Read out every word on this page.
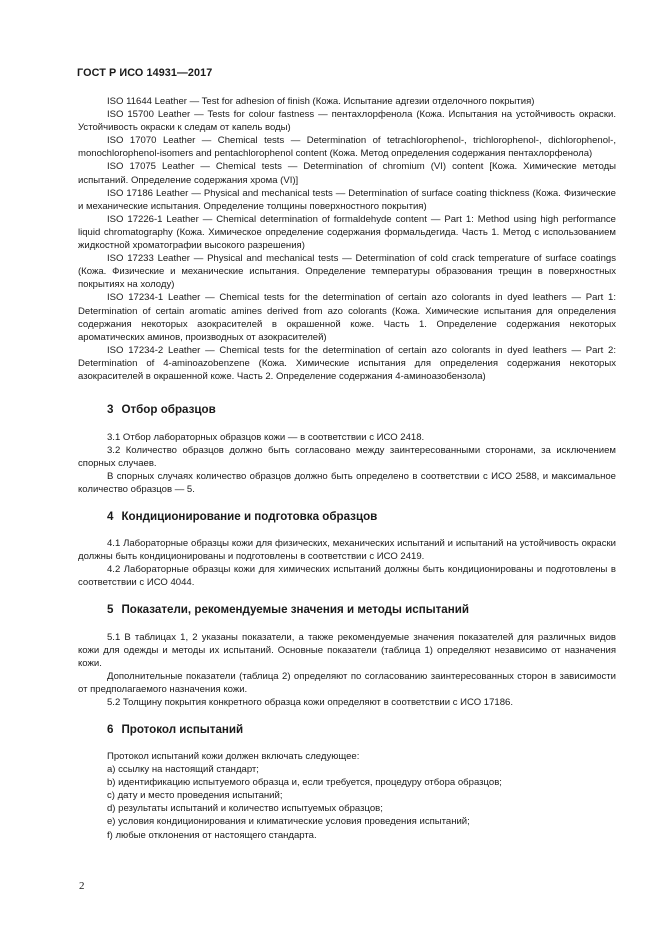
ГОСТ Р ИСО 14931—2017

ISO 11644 Leather — Test for adhesion of finish (Кожа. Испытание адгезии отделочного покрытия)

ISO 15700 Leather — Tests for colour fastness — пентахлорфенола (Кожа. Испытания на устойчивость окраски. Устойчивость окраски к следам от капель воды)

ISO 17070 Leather — Chemical tests — Determination of tetrachlorophenol-, trichlorophenol-, dichlorophenol-, monochlorophenol-isomers and pentachlorophenol content (Кожа. Метод определения содержания пентахлорфенола)

ISO 17075 Leather — Chemical tests — Determination of chromium (VI) content [Кожа. Химические методы испытаний. Определение содержания хрома (VI)]

ISO 17186 Leather — Physical and mechanical tests — Determination of surface coating thickness (Кожа. Физические и механические испытания. Определение толщины поверхностного покрытия)

ISO 17226-1 Leather — Chemical determination of formaldehyde content — Part 1: Method using high performance liquid chromatography (Кожа. Химическое определение содержания формальдегида. Часть 1. Метод с использованием жидкостной хроматографии высокого разрешения)

ISO 17233 Leather — Physical and mechanical tests — Determination of cold crack temperature of surface coatings (Кожа. Физические и механические испытания. Определение температуры образования трещин в поверхностных покрытиях на холоду)

ISO 17234-1 Leather — Chemical tests for the determination of certain azo colorants in dyed leathers — Part 1: Determination of certain aromatic amines derived from azo colorants (Кожа. Химические испытания для определения содержания некоторых азокрасителей в окрашенной коже. Часть 1. Определение содержания некоторых ароматических аминов, производных от азокрасителей)

ISO 17234-2 Leather — Chemical tests for the determination of certain azo colorants in dyed leathers — Part 2: Determination of 4-aminoazobenzene (Кожа. Химические испытания для определения содержания некоторых азокрасителей в окрашенной коже. Часть 2. Определение содержания 4-аминоазобензола)

3 Отбор образцов

3.1 Отбор лабораторных образцов кожи — в соответствии с ИСО 2418.

3.2 Количество образцов должно быть согласовано между заинтересованными сторонами, за исключением спорных случаев.

В спорных случаях количество образцов должно быть определено в соответствии с ИСО 2588, и максимальное количество образцов — 5.

4 Кондиционирование и подготовка образцов

4.1 Лабораторные образцы кожи для физических, механических испытаний и испытаний на устойчивость окраски должны быть кондиционированы и подготовлены в соответствии с ИСО 2419.

4.2 Лабораторные образцы кожи для химических испытаний должны быть кондиционированы и подготовлены в соответствии с ИСО 4044.

5 Показатели, рекомендуемые значения и методы испытаний

5.1 В таблицах 1, 2 указаны показатели, а также рекомендуемые значения показателей для различных видов кожи для одежды и методы их испытаний. Основные показатели (таблица 1) определяют независимо от назначения кожи.

Дополнительные показатели (таблица 2) определяют по согласованию заинтересованных сторон в зависимости от предполагаемого назначения кожи.

5.2 Толщину покрытия конкретного образца кожи определяют в соответствии с ИСО 17186.

6 Протокол испытаний

Протокол испытаний кожи должен включать следующее:

a) ссылку на настоящий стандарт;

b) идентификацию испытуемого образца и, если требуется, процедуру отбора образцов;

c) дату и место проведения испытаний;

d) результаты испытаний и количество испытуемых образцов;

e) условия кондиционирования и климатические условия проведения испытаний;

f) любые отклонения от настоящего стандарта.

2
